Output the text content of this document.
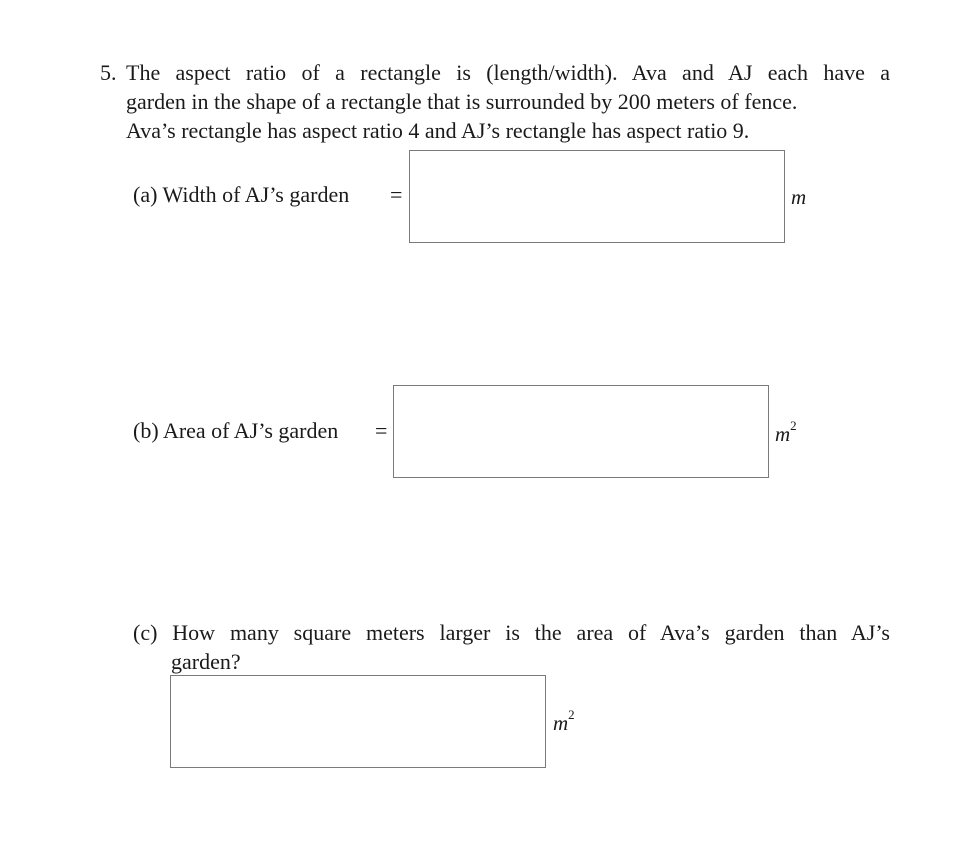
5. The aspect ratio of a rectangle is (length/width). Ava and AJ each have a
garden in the shape of a rectangle that is surrounded by 200 meters of fence.
Ava’s rectangle has aspect ratio 4 and AJ’s rectangle has aspect ratio 9.
(a) Width of AJ’s garden =	m
(b) Area of AJ’s garden =	$m^2$
(c) How many square meters larger is the area of Ava’s garden than AJ’s
garden?
$m^2$
